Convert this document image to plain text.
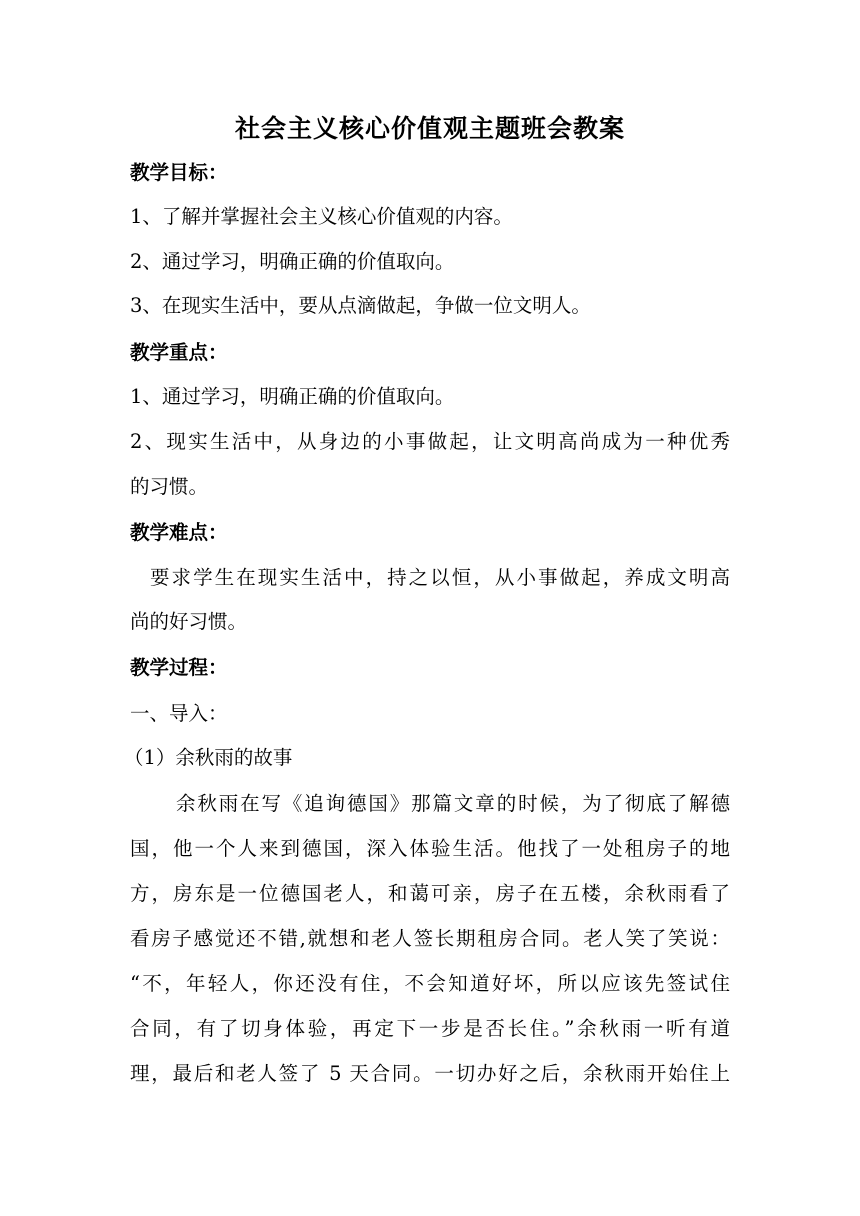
社会主义核心价值观主题班会教案
教学目标：
1、了解并掌握社会主义核心价值观的内容。
2、通过学习，明确正确的价值取向。
3、在现实生活中，要从点滴做起，争做一位文明人。
教学重点：
1、通过学习，明确正确的价值取向。
2、现实生活中，从身边的小事做起，让文明高尚成为一种优秀
的习惯。
教学难点：
要求学生在现实生活中，持之以恒，从小事做起，养成文明高
尚的好习惯。
教学过程：
一、导入：
（1）余秋雨的故事
余秋雨在写《追询德国》那篇文章的时候，为了彻底了解德
国，他一个人来到德国，深入体验生活。他找了一处租房子的地
方，房东是一位德国老人，和蔼可亲，房子在五楼，余秋雨看了
看房子感觉还不错,就想和老人签长期租房合同。老人笑了笑说：
“不，年轻人，你还没有住，不会知道好坏，所以应该先签试住
合同，有了切身体验，再定下一步是否长住。”余秋雨一听有道
理，最后和老人签了 5 天合同。一切办好之后，余秋雨开始住上
